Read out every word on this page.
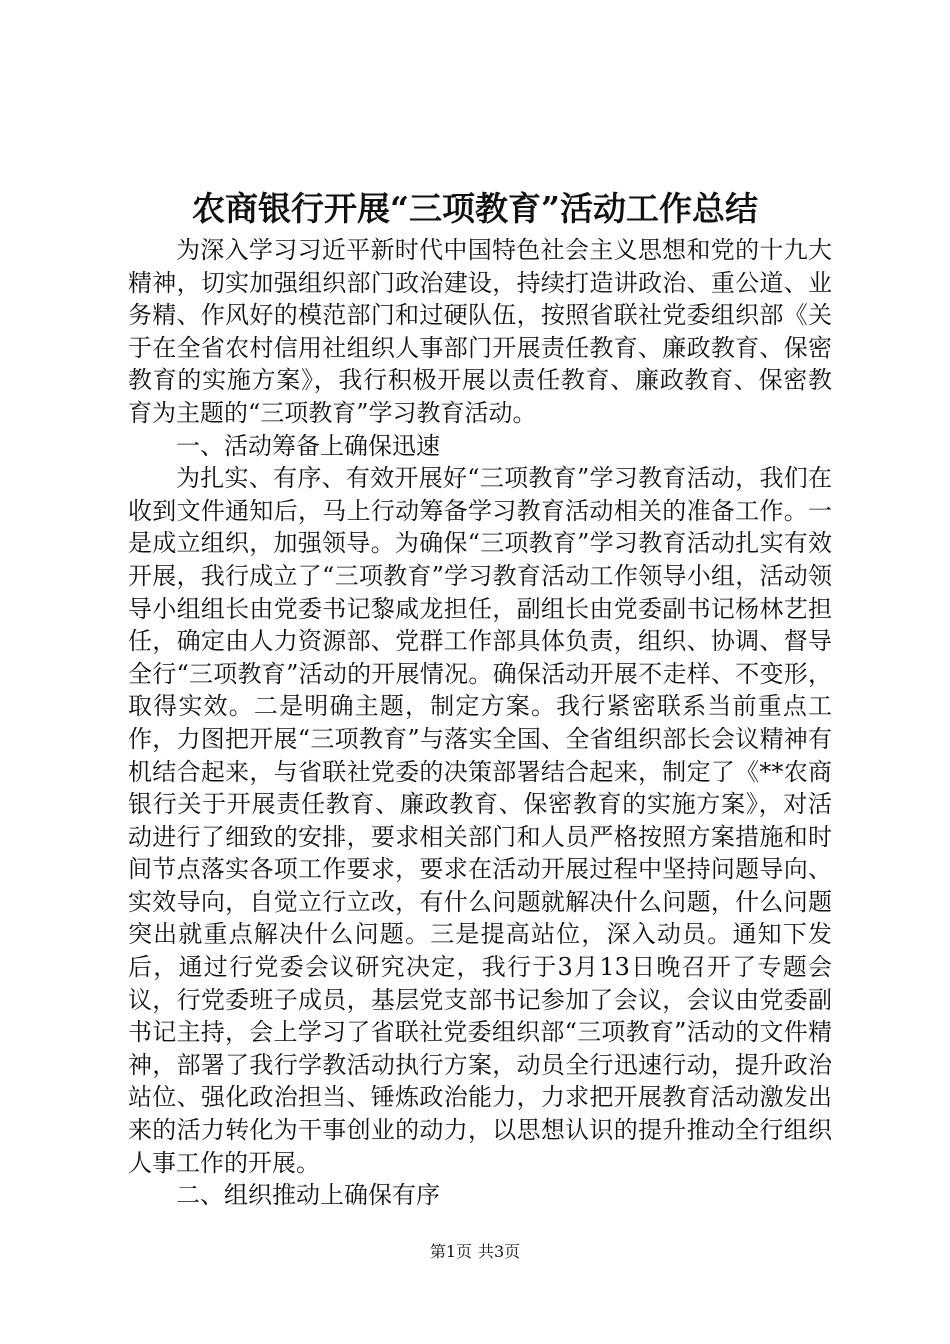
农商银行开展“三项教育”活动工作总结

为深入学习习近平新时代中国特色社会主义思想和党的十九大精神，切实加强组织部门政治建设，持续打造讲政治、重公道、业务精、作风好的模范部门和过硬队伍，按照省联社党委组织部《关于在全省农村信用社组织人事部门开展责任教育、廉政教育、保密教育的实施方案》，我行积极开展以责任教育、廉政教育、保密教育为主题的“三项教育”学习教育活动。

一、活动筹备上确保迅速

为扎实、有序、有效开展好“三项教育”学习教育活动，我们在收到文件通知后，马上行动筹备学习教育活动相关的准备工作。一是成立组织，加强领导。为确保“三项教育”学习教育活动扎实有效开展，我行成立了“三项教育”学习教育活动工作领导小组，活动领导小组组长由党委书记黎咸龙担任，副组长由党委副书记杨林艺担任，确定由人力资源部、党群工作部具体负责，组织、协调、督导全行“三项教育”活动的开展情况。确保活动开展不走样、不变形，取得实效。二是明确主题，制定方案。我行紧密联系当前重点工作，力图把开展“三项教育”与落实全国、全省组织部长会议精神有机结合起来，与省联社党委的决策部署结合起来，制定了《**农商银行关于开展责任教育、廉政教育、保密教育的实施方案》，对活动进行了细致的安排，要求相关部门和人员严格按照方案措施和时间节点落实各项工作要求，要求在活动开展过程中坚持问题导向、实效导向，自觉立行立改，有什么问题就解决什么问题，什么问题突出就重点解决什么问题。三是提高站位，深入动员。通知下发后，通过行党委会议研究决定，我行于3月13日晚召开了专题会议，行党委班子成员，基层党支部书记参加了会议，会议由党委副书记主持，会上学习了省联社党委组织部“三项教育”活动的文件精神，部署了我行学教活动执行方案，动员全行迅速行动，提升政治站位、强化政治担当、锤炼政治能力，力求把开展教育活动激发出来的活力转化为干事创业的动力，以思想认识的提升推动全行组织人事工作的开展。

二、组织推动上确保有序

第1页 共3页
